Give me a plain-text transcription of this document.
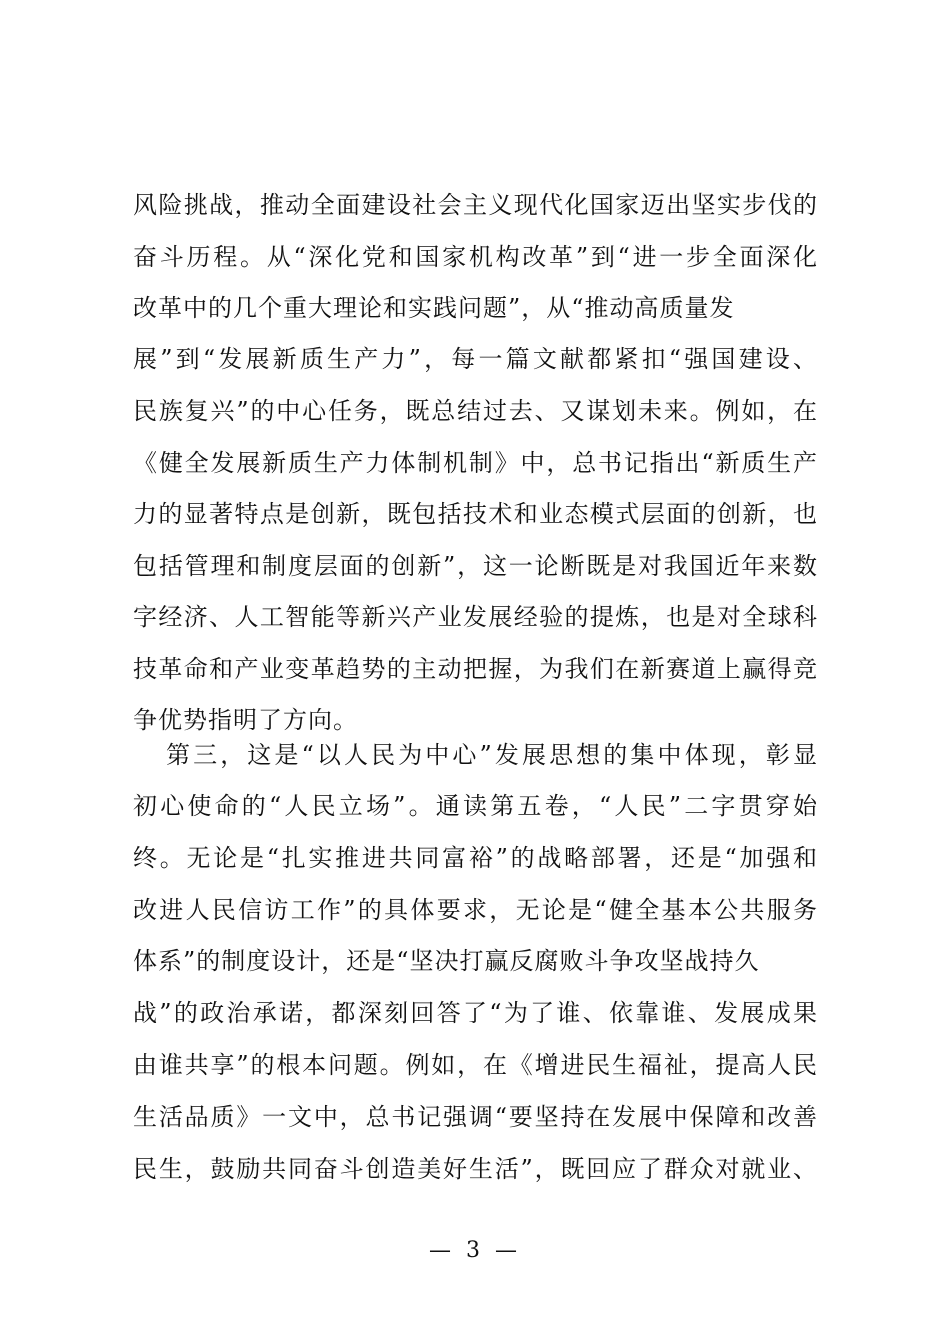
风险挑战，推动全面建设社会主义现代化国家迈出坚实步伐的
奋斗历程。从“深化党和国家机构改革”到“进一步全面深化
改革中的几个重大理论和实践问题”，从“推动高质量发
展”到“发展新质生产力”，每一篇文献都紧扣“强国建设、
民族复兴”的中心任务，既总结过去、又谋划未来。例如，在
《健全发展新质生产力体制机制》中，总书记指出“新质生产
力的显著特点是创新，既包括技术和业态模式层面的创新，也
包括管理和制度层面的创新”，这一论断既是对我国近年来数
字经济、人工智能等新兴产业发展经验的提炼，也是对全球科
技革命和产业变革趋势的主动把握，为我们在新赛道上赢得竞
争优势指明了方向。
第三，这是“以人民为中心”发展思想的集中体现，彰显
初心使命的“人民立场”。通读第五卷，“人民”二字贯穿始
终。无论是“扎实推进共同富裕”的战略部署，还是“加强和
改进人民信访工作”的具体要求，无论是“健全基本公共服务
体系”的制度设计，还是“坚决打赢反腐败斗争攻坚战持久
战”的政治承诺，都深刻回答了“为了谁、依靠谁、发展成果
由谁共享”的根本问题。例如，在《增进民生福祉，提高人民
生活品质》一文中，总书记强调“要坚持在发展中保障和改善
民生，鼓励共同奋斗创造美好生活”，既回应了群众对就业、
— 3 —
